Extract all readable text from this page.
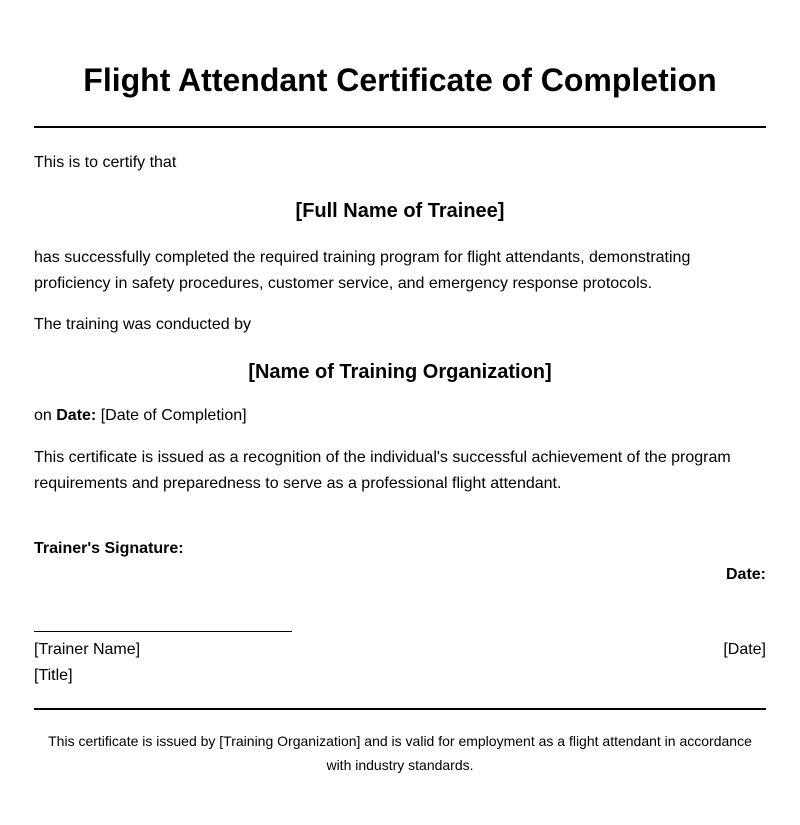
Flight Attendant Certificate of Completion

This is to certify that

[Full Name of Trainee]

has successfully completed the required training program for flight attendants, demonstrating proficiency in safety procedures, customer service, and emergency response protocols.

The training was conducted by

[Name of Training Organization]

on Date: [Date of Completion]

This certificate is issued as a recognition of the individual's successful achievement of the program requirements and preparedness to serve as a professional flight attendant.

Trainer's Signature:

Date:

[Trainer Name]	[Date]

[Title]

This certificate is issued by [Training Organization] and is valid for employment as a flight attendant in accordance with industry standards.
